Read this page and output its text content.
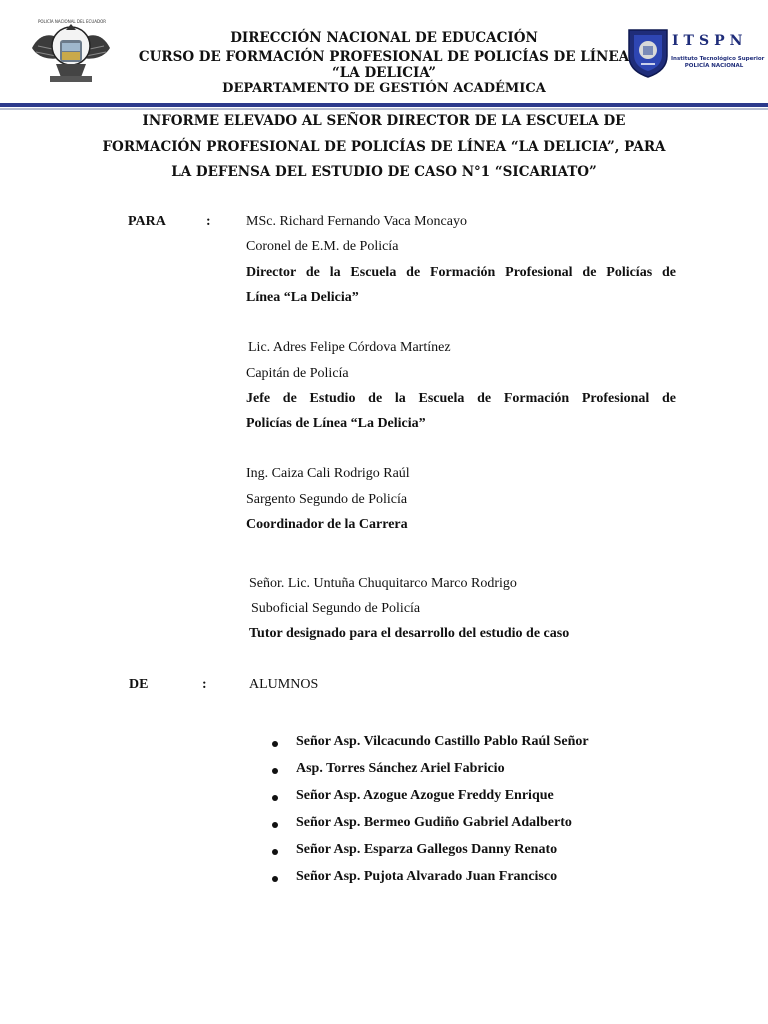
POLICÍA NACIONAL DEL ECUADOR
DIRECCIÓN NACIONAL DE EDUCACIÓN
CURSO DE FORMACIÓN PROFESIONAL DE POLICÍAS DE LÍNEA
“LA DELICIA”
DEPARTAMENTO DE GESTIÓN ACADÉMICA
ITSPN
Instituto Tecnológico Superior
POLICÍA NACIONAL
INFORME ELEVADO AL SEÑOR DIRECTOR DE LA ESCUELA DE
FORMACIÓN PROFESIONAL DE POLICÍAS DE LÍNEA “LA DELICIA”, PARA
LA DEFENSA DEL ESTUDIO DE CASO N°1 “SICARIATO”
PARA	:	MSc. Richard Fernando Vaca Moncayo
Coronel de E.M. de Policía
Director de la Escuela de Formación Profesional de Policías de
Línea “La Delicia”
Lic. Adres Felipe Córdova Martínez
Capitán de Policía
Jefe de Estudio de la Escuela de Formación Profesional de
Policías de Línea “La Delicia”
Ing. Caiza Cali Rodrigo Raúl
Sargento Segundo de Policía
Coordinador de la Carrera
Señor. Lic. Untuña Chuquitarco Marco Rodrigo
Suboficial Segundo de Policía
Tutor designado para el desarrollo del estudio de caso
DE	:	ALUMNOS
Señor Asp. Vilcacundo Castillo Pablo Raúl Señor
Asp. Torres Sánchez Ariel Fabricio
Señor Asp. Azogue Azogue Freddy Enrique
Señor Asp. Bermeo Gudiño Gabriel Adalberto
Señor Asp. Esparza Gallegos Danny Renato
Señor Asp. Pujota Alvarado Juan Francisco
